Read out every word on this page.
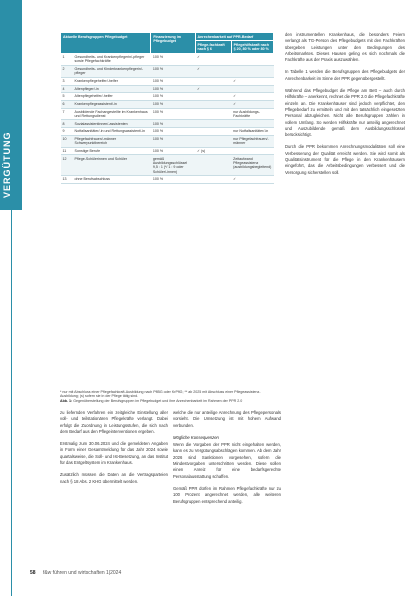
VERGÜTUNG
Aktuelle Berufsgruppen Pflegebudget		Finanzierung im Pflegebudget	Anrechenbarkeit auf PPR-Bedarf	
			Pflege-fachkraft nach § 6	Pflegehilfskraft nach § 20, 80 % oder 80 %
1	Gesundheits- und Krankenpflegerin/-pfleger sowie Pflegefachkräfte	100 %	✓	
2	Gesundheits- und Kinderkrankenpflegerin/-pfleger	100 %	✓	
3	Krankenpflegehelfer/-helfer	100 %		✓
4	Altenpfleger/-in	100 %	✓	
5	Altenpflegehelfer/-helfer	100 %		✓
6	Krankenpflegeassistent/-in	100 %		✓
7	Ausbildende Fachangestellte im Krankenhaus und Rettungsdienst	100 %		nur Ausbildungs-Fachkräfte
8	Sozialassistentinnen/-assistenten	100 %		
9	Notfallsanitäter/-in und Rettungsassistent/-in	100 %		nur Notfallsanitäter/-in
10	Pflegefachfrauen/-männer Schwerpunktbereich	100 %		nur Pflegefachfrauen/-männer
11	Sonstige Berufe	100 %	✓ (s)	
12	Pflege-Schülerinnen und Schüler	gemäß Ausbildungsschlüssel 9,5 : 1 (*/ 1 : 9 oder Schüler/-innen)		Zeitaufwand Pflegeassistenz (ausbildungsbegleitend)
13	ohne Berufsabschluss	100 %		✓
* nur mit Abschluss einer Pflegefachkraft-Ausbildung nach PflBG oder KrPflG; ** ab 2025 mit Abschluss einer Pflegeassistenz-Ausbildung; (s) sofern sie in der Pflege tätig sind.
Abb. 1: Gegenüberstellung der Berufsgruppen im Pflegebudget und ihre Anrechenbarkeit im Rahmen der PPR 2.0

den instrumentellen Krankenhaus, die besonders Feiern verlangt als TG-Person des Pflegebudgets mit den Fachkräften übergeben Leistungen unter den Bedingungen des Arbeitsmarktes. Dieses Hausen geling es sich nochmals die Fachkräfte aus der Praxis auszuwählen.

In Tabelle 1 werden die Berufsgruppen des Pflegebudgets der Anrechenbarkeit im Sinne der PPR gegenübergestellt.

Während das Pflegebudget die Pflege am Bett – auch durch Hilfskräfte – anerkennt, rechnet die PPR 2.0 die Pflegefachkräfte einzeln an. Die Krankenhäuser sind jedoch verpflichtet, den Pflegebedarf zu ermitteln und mit den tatsächlich eingesetzten Personal abzugleichen. Nicht alle Berufsgruppen zählen in vollem Umfang. So werden Hilfskräfte nur anteilig angerechnet und Auszubildende gemäß dem Ausbildungsschlüssel berücksichtigt.

Durch die PPR bekommen Anrechnungsmodalitäten soll eine Verbesserung der Qualität erreicht werden. Sie wird somit als Qualitätsinstrument für die Pflege in den Krankenhäusern eingeführt, das die Arbeitsbedingungen verbessert und die Versorgung sicherstellen soll.

zu liefernden Verfahren ein zeitgleiche Einstellung aller voll- und teilstationären Pflegekräfte verlangt. Dabei erfolgt die Zuordnung in Leistungsstufen, die sich nach dem Bedarf aus den Pflegeinterventionen ergeben.

Erstmalig zum 30.06.2024 und die gemeldeten Angaben in Form einer Gesamtmeldung für das Jahr 2024 sowie quartalsweise, die Soll- und Ist-Besetzung, an das Institut für das Entgeltsystem im Krankenhaus.

Zusätzlich müssen die Daten an die Vertragsparteien nach § 18 Abs. 2 KHG übermittelt werden.

welche die nur anteilige Anrechnung des Pflegepersonals vorsieht. Die Umsetzung ist mit hohem Aufwand verbunden.

Mögliche Konsequenzen

Wenn die Vorgaben der PPR nicht eingehalten werden, kann es zu Vergütungsabschlägen kommen. Ab dem Jahr 2026 sind Sanktionen vorgesehen, sofern die Mindestvorgaben unterschritten werden. Diese sollen einen Anreiz für eine bedarfsgerechte Personalausstattung schaffen.

Gemäß PPR dürfen im Rahmen Pflegefachkräfte nur zu 100 Prozent angerechnet werden, alle weiteren Berufsgruppen entsprechend anteilig.

58 f&w führen und wirtschaften 1|2024
